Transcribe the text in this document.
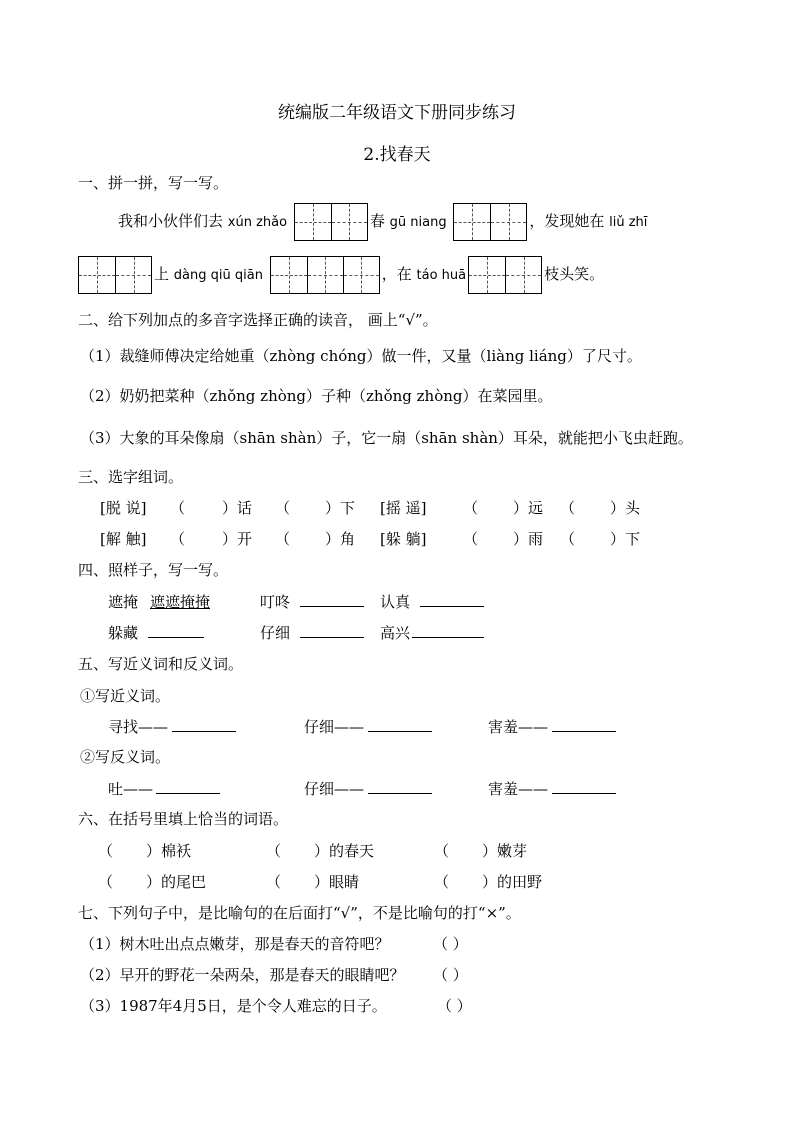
统编版二年级语文下册同步练习
2.找春天
一、拼一拼，写一写。
我和小伙伴们去 xún zhǎo	春 gū niang	，发现她在 liǔ zhī
上 dàng qiū qiān	，在 táo huā	枝头笑。
二、给下列加点的多音字选择正确的读音， 画上“√”。
（1）裁缝师傅决定给她重（zhòng chóng）做一件，又量（liàng liáng）了尺寸。
（2）奶奶把菜种（zhǒng zhòng）子种（zhǒng zhòng）在菜园里。
（3）大象的耳朵像扇（shān shàn）子，它一扇（shān shàn）耳朵，就能把小飞虫赶跑。
三、选字组词。
[脱 说] （ ）话 （ ）下 [摇 遥] （ ）远 （ ）头
[解 触] （ ）开 （ ）角 [躲 躺] （ ）雨 （ ）下
四、照样子，写一写。
遮掩 遮遮掩掩	叮咚	认真
躲藏	仔细	高兴
五、写近义词和反义词。
①写近义词。
寻找——	仔细——	害羞——
②写反义词。
吐——	仔细——	害羞——
六、在括号里填上恰当的词语。
（ ）棉袄	（ ）的春天	（ ）嫩芽
（ ）的尾巴	（ ）眼睛	（ ）的田野
七、下列句子中，是比喻句的在后面打“√”，不是比喻句的打“×”。
（1）树木吐出点点嫩芽，那是春天的音符吧？	（ ）
（2）早开的野花一朵两朵，那是春天的眼睛吧？ （ ）
（3）1987年4月5日，是个令人难忘的日子。	（ ）
